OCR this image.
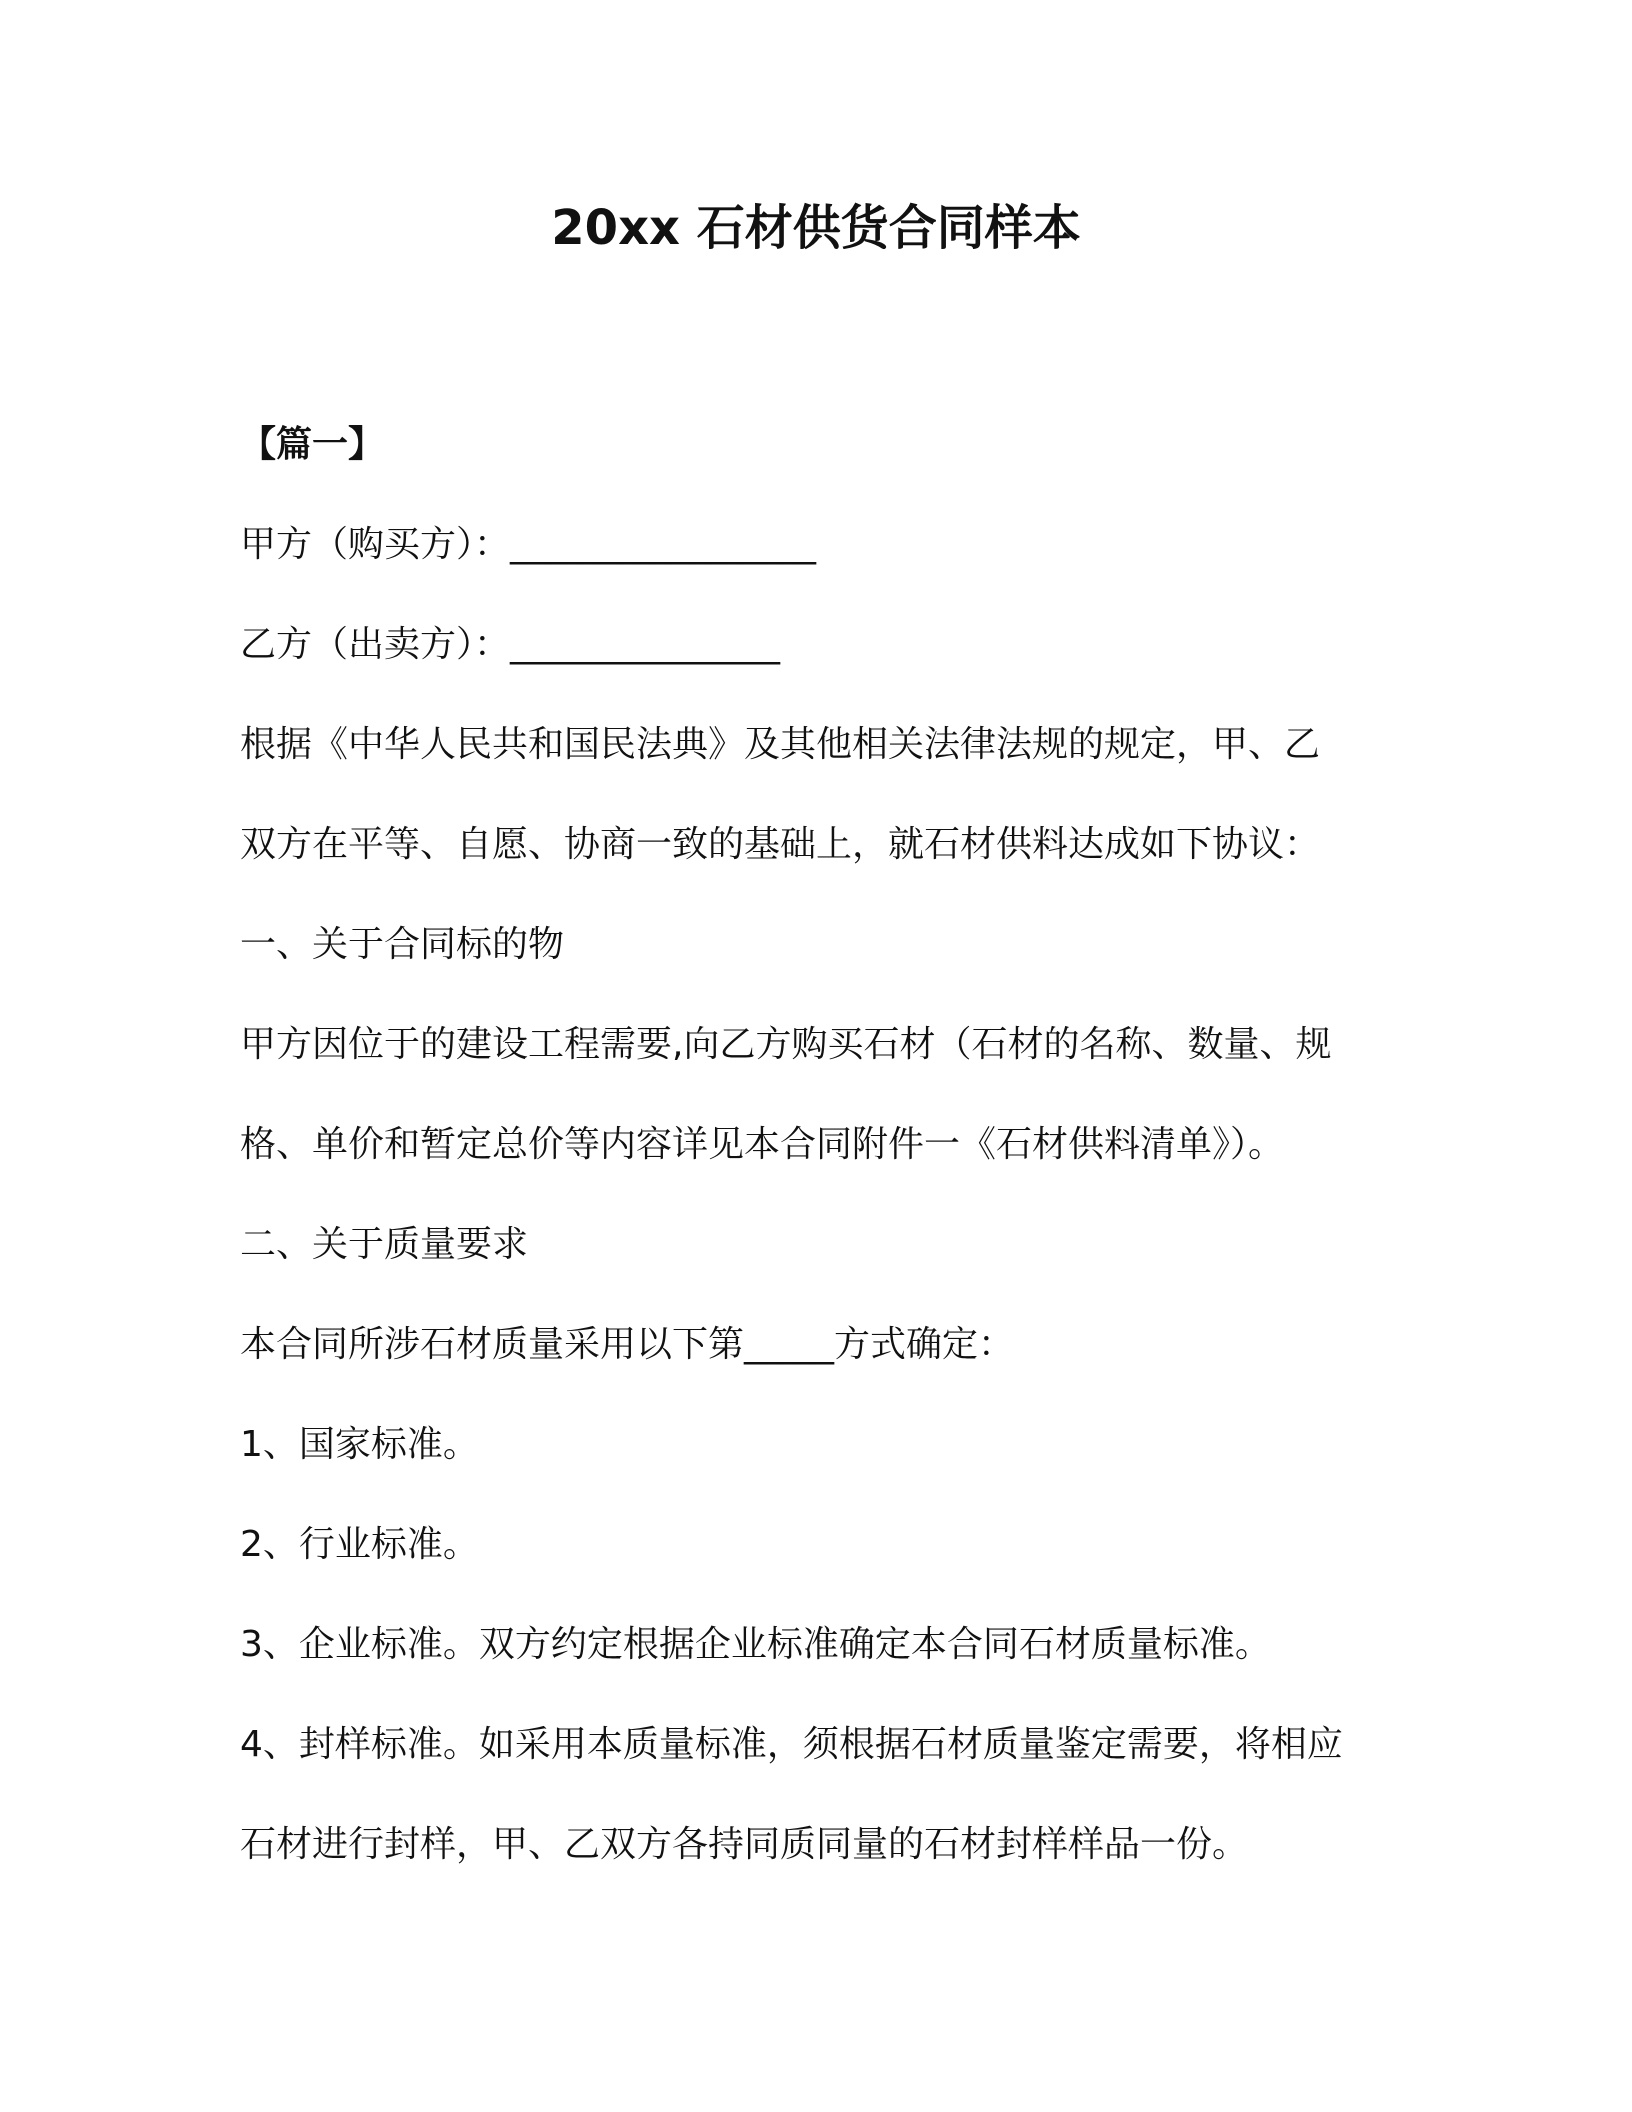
20xx 石材供货合同样本
【篇一】
甲方（购买方）：_________________
乙方（出卖方）：_______________
根据《中华人民共和国民法典》及其他相关法律法规的规定，甲、乙
双方在平等、自愿、协商一致的基础上，就石材供料达成如下协议：
一、关于合同标的物
甲方因位于的建设工程需要,向乙方购买石材（石材的名称、数量、规
格、单价和暂定总价等内容详见本合同附件一《石材供料清单》）。
二、关于质量要求
本合同所涉石材质量采用以下第_____方式确定：
1、国家标准。
2、行业标准。
3、企业标准。双方约定根据企业标准确定本合同石材质量标准。
4、封样标准。如采用本质量标准，须根据石材质量鉴定需要，将相应
石材进行封样，甲、乙双方各持同质同量的石材封样样品一份。
